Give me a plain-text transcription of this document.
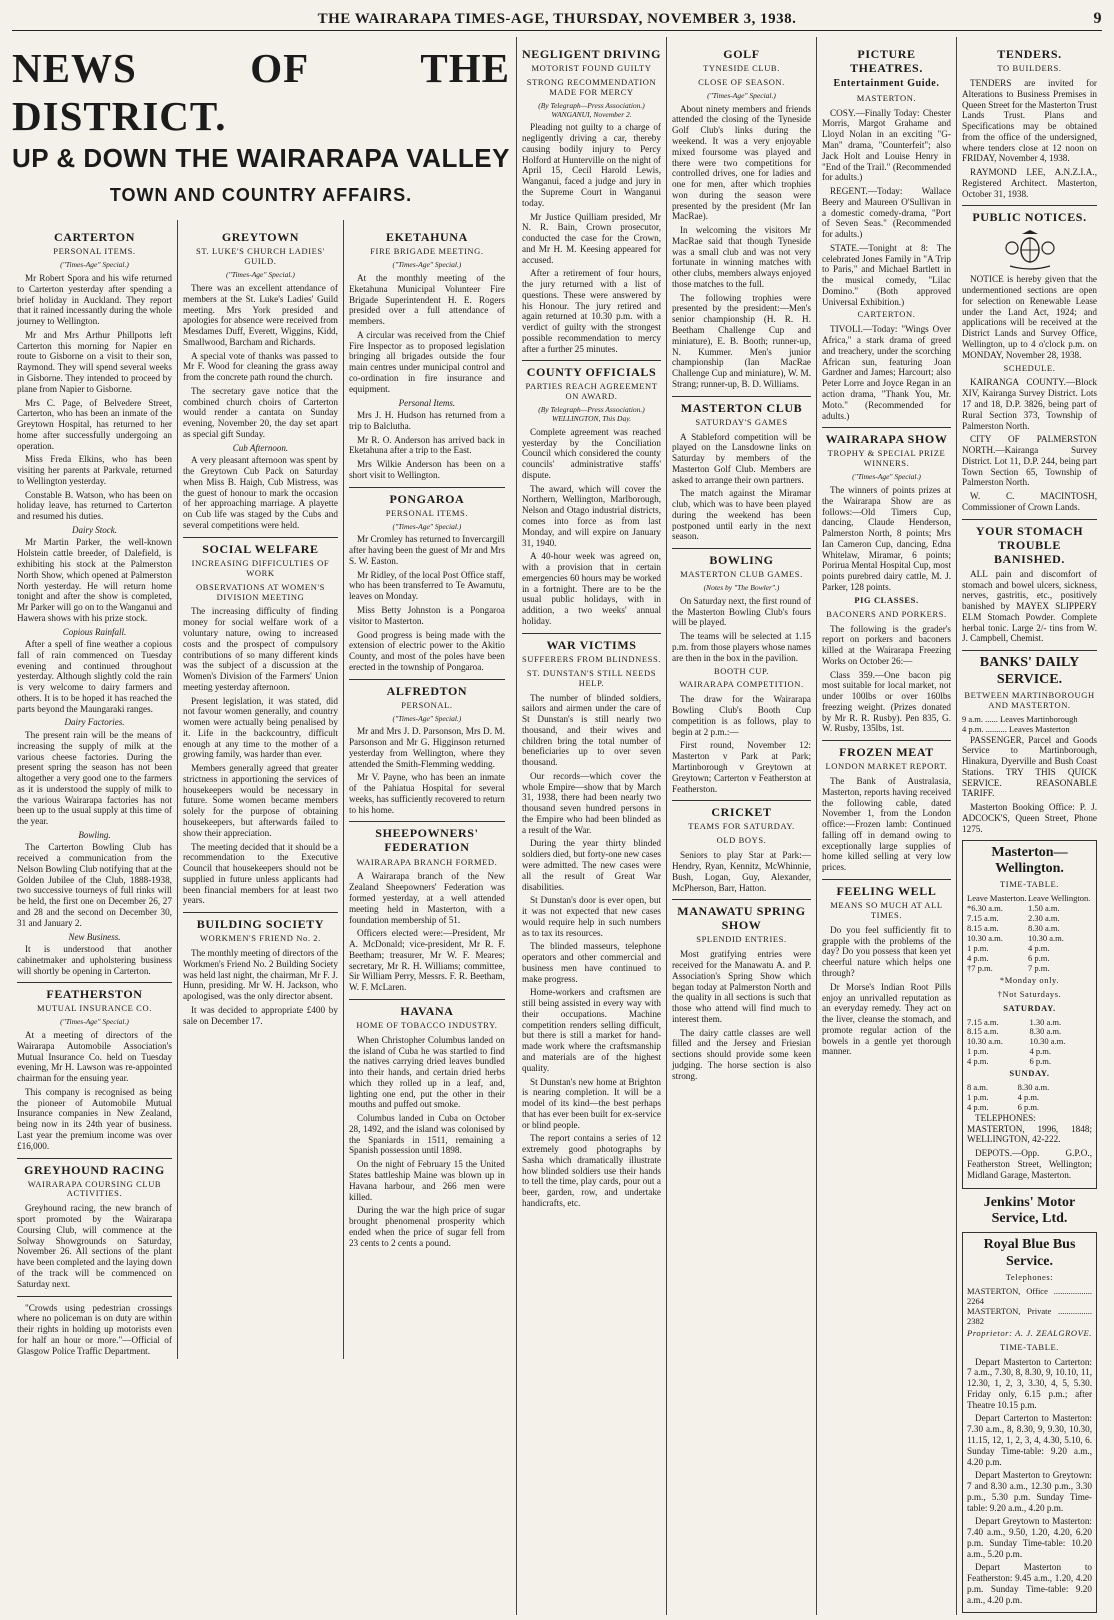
THE WAIRARAPA TIMES-AGE, THURSDAY, NOVEMBER 3, 1938.	9
NEWS OF THE DISTRICT.
UP & DOWN THE WAIRARAPA VALLEY
TOWN AND COUNTRY AFFAIRS.
CARTERTON
PERSONAL ITEMS.
("Times-Age" Special.)

Mr Robert Spora and his wife returned to Carterton yesterday after spending a brief holiday in Auckland. They report that it rained incessantly during the whole journey to Wellington.

Mr and Mrs Arthur Phillpotts left Carterton this morning for Napier en route to Gisborne on a visit to their son, Raymond. They will spend several weeks in Gisborne. They intended to proceed by plane from Napier to Gisborne.

Mrs C. Page, of Belvedere Street, Carterton, who has been an inmate of the Greytown Hospital, has returned to her home after successfully undergoing an operation.

Miss Freda Elkins, who has been visiting her parents at Parkvale, returned to Wellington yesterday.

Constable B. Watson, who has been on holiday leave, has returned to Carterton and resumed his duties.

Dairy Stock.

Mr Martin Parker, the well-known Holstein cattle breeder, of Dalefield, is exhibiting his stock at the Palmerston North Show, which opened at Palmerston North yesterday. He will return home tonight and after the show is completed, Mr Parker will go on to the Wanganui and Hawera shows with his prize stock.

Copious Rainfall.

After a spell of fine weather a copious fall of rain commenced on Tuesday evening and continued throughout yesterday. Although slightly cold the rain is very welcome to dairy farmers and others. It is to be hoped it has reached the parts beyond the Maungaraki ranges.

Dairy Factories.

The present rain will be the means of increasing the supply of milk at the various cheese factories. During the present spring the season has not been altogether a very good one to the farmers as it is understood the supply of milk to the various Wairarapa factories has not been up to the usual supply at this time of the year.

Bowling.

The Carterton Bowling Club has received a communication from the Nelson Bowling Club notifying that at the Golden Jubilee of the Club, 1888-1938, two successive tourneys of full rinks will be held, the first one on December 26, 27 and 28 and the second on December 30, 31 and January 2.

New Business.

It is understood that another cabinetmaker and upholstering business will shortly be opening in Carterton.

FEATHERSTON
MUTUAL INSURANCE CO.
("Times-Age" Special.)

At a meeting of directors of the Wairarapa Automobile Association's Mutual Insurance Co. held on Tuesday evening, Mr H. Lawson was re-appointed chairman for the ensuing year.

This company is recognised as being the pioneer of Automobile Mutual Insurance companies in New Zealand, being now in its 24th year of business. Last year the premium income was over £16,000.

GREYHOUND RACING
WAIRARAPA COURSING CLUB ACTIVITIES.

Greyhound racing, the new branch of sport promoted by the Wairarapa Coursing Club, will commence at the Solway Showgrounds on Saturday, November 26. All sections of the plant have been completed and the laying down of the track will be commenced on Saturday next.

"Crowds using pedestrian crossings where no policeman is on duty are within their rights in holding up motorists even for half an hour or more."—Official of Glasgow Police Traffic Department.

GREYTOWN
ST. LUKE'S CHURCH LADIES' GUILD.
("Times-Age" Special.)

There was an excellent attendance of members at the St. Luke's Ladies' Guild meeting. Mrs York presided and apologies for absence were received from Mesdames Duff, Everett, Wiggins, Kidd, Smallwood, Barcham and Richards.

A special vote of thanks was passed to Mr F. Wood for cleaning the grass away from the concrete path round the church.

The secretary gave notice that the combined church choirs of Carterton would render a cantata on Sunday evening, November 20, the day set apart as special gift Sunday.

Cub Afternoon.

A very pleasant afternoon was spent by the Greytown Cub Pack on Saturday when Miss B. Haigh, Cub Mistress, was the guest of honour to mark the occasion of her approaching marriage. A playette on Cub life was staged by the Cubs and several competitions were held.

SOCIAL WELFARE
INCREASING DIFFICULTIES OF WORK
OBSERVATIONS AT WOMEN'S DIVISION MEETING

The increasing difficulty of finding money for social welfare work of a voluntary nature, owing to increased costs and the prospect of compulsory contributions of so many different kinds was the subject of a discussion at the Women's Division of the Farmers' Union meeting yesterday afternoon.

Present legislation, it was stated, did not favour women generally, and country women were actually being penalised by it. Life in the backcountry, difficult enough at any time to the mother of a growing family, was harder than ever.

Members generally agreed that greater strictness in apportioning the services of housekeepers would be necessary in future. Some women became members solely for the purpose of obtaining housekeepers, but afterwards failed to show their appreciation.

The meeting decided that it should be a recommendation to the Executive Council that housekeepers should not be supplied in future unless applicants had been financial members for at least two years.

BUILDING SOCIETY
WORKMEN'S FRIEND No. 2.

The monthly meeting of directors of the Workmen's Friend No. 2 Building Society was held last night, the chairman, Mr F. J. Hunn, presiding. Mr W. H. Jackson, who apologised, was the only director absent.

It was decided to appropriate £400 by sale on December 17.

EKETAHUNA
FIRE BRIGADE MEETING.
("Times-Age" Special.)

At the monthly meeting of the Eketahuna Municipal Volunteer Fire Brigade Superintendent H. E. Rogers presided over a full attendance of members.

A circular was received from the Chief Fire Inspector as to proposed legislation bringing all brigades outside the four main centres under municipal control and co-ordination in fire insurance and equipment.

Personal Items.

Mrs J. H. Hudson has returned from a trip to Balclutha.

Mr R. O. Anderson has arrived back in Eketahuna after a trip to the East.

Mrs Wilkie Anderson has been on a short visit to Wellington.

PONGAROA
PERSONAL ITEMS.
("Times-Age" Special.)

Mr Cromley has returned to Invercargill after having been the guest of Mr and Mrs S. W. Easton.

Mr Ridley, of the local Post Office staff, who has been transferred to Te Awamutu, leaves on Monday.

Miss Betty Johnston is a Pongaroa visitor to Masterton.

Good progress is being made with the extension of electric power to the Akitio County, and most of the poles have been erected in the township of Pongaroa.

ALFREDTON
PERSONAL.
("Times-Age" Special.)

Mr and Mrs J. D. Parsonson, Mrs D. M. Parsonson and Mr G. Higginson returned yesterday from Wellington, where they attended the Smith-Flemming wedding.

Mr V. Payne, who has been an inmate of the Pahiatua Hospital for several weeks, has sufficiently recovered to return to his home.

SHEEPOWNERS' FEDERATION
WAIRARAPA BRANCH FORMED.

A Wairarapa branch of the New Zealand Sheepowners' Federation was formed yesterday, at a well attended meeting held in Masterton, with a foundation membership of 51.

Officers elected were:—President, Mr A. McDonald; vice-president, Mr R. F. Beetham; treasurer, Mr W. F. Meares; secretary, Mr R. H. Williams; committee, Sir William Perry, Messrs. F. R. Beetham, W. F. McLaren.

HAVANA
HOME OF TOBACCO INDUSTRY.

When Christopher Columbus landed on the island of Cuba he was startled to find the natives carrying dried leaves bundled into their hands, and certain dried herbs which they rolled up in a leaf, and, lighting one end, put the other in their mouths and puffed out smoke.

Columbus landed in Cuba on October 28, 1492, and the island was colonised by the Spaniards in 1511, remaining a Spanish possession until 1898.

On the night of February 15 the United States battleship Maine was blown up in Havana harbour, and 266 men were killed.

During the war the high price of sugar brought phenomenal prosperity which ended when the price of sugar fell from 23 cents to 2 cents a pound.

NEGLIGENT DRIVING
MOTORIST FOUND GUILTY
STRONG RECOMMENDATION MADE FOR MERCY
(By Telegraph—Press Association.) WANGANUI, November 2.

Pleading not guilty to a charge of negligently driving a car, thereby causing bodily injury to Percy Holford at Hunterville on the night of April 15, Cecil Harold Lewis, Wanganui, faced a judge and jury in the Supreme Court in Wanganui today.

Mr Justice Quilliam presided, Mr N. R. Bain, Crown prosecutor, conducted the case for the Crown, and Mr H. M. Keesing appeared for accused.

After a retirement of four hours, the jury returned with a list of questions. These were answered by his Honour. The jury retired and again returned at 10.30 p.m. with a verdict of guilty with the strongest possible recommendation to mercy after a further 25 minutes.

COUNTY OFFICIALS
PARTIES REACH AGREEMENT ON AWARD.
(By Telegraph—Press Association.) WELLINGTON, This Day.

Complete agreement was reached yesterday by the Conciliation Council which considered the county councils' administrative staffs' dispute.

The award, which will cover the Northern, Wellington, Marlborough, Nelson and Otago industrial districts, comes into force as from last Monday, and will expire on January 31, 1940.

A 40-hour week was agreed on, with a provision that in certain emergencies 60 hours may be worked in a fortnight. There are to be the usual public holidays, with in addition, a two weeks' annual holiday.

WAR VICTIMS
SUFFERERS FROM BLINDNESS.
ST. DUNSTAN'S STILL NEEDS HELP.

The number of blinded soldiers, sailors and airmen under the care of St Dunstan's is still nearly two thousand, and their wives and children bring the total number of beneficiaries up to over seven thousand.

Our records—which cover the whole Empire—show that by March 31, 1938, there had been nearly two thousand seven hundred persons in the Empire who had been blinded as a result of the War.

During the year thirty blinded soldiers died, but forty-one new cases were admitted. The new cases were all the result of Great War disabilities.

St Dunstan's door is ever open, but it was not expected that new cases would require help in such numbers as to tax its resources.

The blinded masseurs, telephone operators and other commercial and business men have continued to make progress.

Home-workers and craftsmen are still being assisted in every way with their occupations. Machine competition renders selling difficult, but there is still a market for hand-made work where the craftsmanship and materials are of the highest quality.

St Dunstan's new home at Brighton is nearing completion. It will be a model of its kind—the best perhaps that has ever been built for ex-service or blind people.

The report contains a series of 12 extremely good photographs by Sasha which dramatically illustrate how blinded soldiers use their hands to tell the time, play cards, pour out a beer, garden, row, and undertake handicrafts, etc.

GOLF
TYNESIDE CLUB.
CLOSE OF SEASON.
("Times-Age" Special.)

About ninety members and friends attended the closing of the Tyneside Golf Club's links during the weekend. It was a very enjoyable mixed foursome was played and there were two competitions for controlled drives, one for ladies and one for men, after which trophies won during the season were presented by the president (Mr Ian MacRae).

In welcoming the visitors Mr MacRae said that though Tyneside was a small club and was not very fortunate in winning matches with other clubs, members always enjoyed those matches to the full.

The following trophies were presented by the president:—Men's senior championship (H. R. H. Beetham Challenge Cup and miniature), E. B. Booth; runner-up, N. Kummer. Men's junior championship (Ian MacRae Challenge Cup and miniature), W. M. Strang; runner-up, B. D. Williams.

MASTERTON CLUB
SATURDAY'S GAMES

A Stableford competition will be played on the Lansdowne links on Saturday by members of the Masterton Golf Club. Members are asked to arrange their own partners.

The match against the Miramar club, which was to have been played during the weekend has been postponed until early in the next season.

BOWLING
MASTERTON CLUB GAMES.
(Notes by "The Bowler".)

On Saturday next, the first round of the Masterton Bowling Club's fours will be played.

The teams will be selected at 1.15 p.m. from those players whose names are then in the box in the pavilion.

BOOTH CUP.
WAIRARAPA COMPETITION.

The draw for the Wairarapa Bowling Club's Booth Cup competition is as follows, play to begin at 2 p.m.:—

First round, November 12: Masterton v Park at Park; Martinborough v Greytown at Greytown; Carterton v Featherston at Featherston.

CRICKET
TEAMS FOR SATURDAY.
OLD BOYS.

Seniors to play Star at Park:—Hendry, Ryan, Kennitz, McWhinnie, Bush, Logan, Guy, Alexander, McPherson, Barr, Hatton.

MANAWATU SPRING SHOW
SPLENDID ENTRIES.

Most gratifying entries were received for the Manawatu A. and P. Association's Spring Show which began today at Palmerston North and the quality in all sections is such that those who attend will find much to interest them.

The dairy cattle classes are well filled and the Jersey and Friesian sections should provide some keen judging. The horse section is also strong.

PICTURE THEATRES.
Entertainment Guide.
MASTERTON.

COSY.—Finally Today: Chester Morris, Margot Grahame and Lloyd Nolan in an exciting "G-Man" drama, "Counterfeit"; also Jack Holt and Louise Henry in "End of the Trail." (Recommended for adults.)

REGENT.—Today: Wallace Beery and Maureen O'Sullivan in a domestic comedy-drama, "Port of Seven Seas." (Recommended for adults.)

STATE.—Tonight at 8: The celebrated Jones Family in "A Trip to Paris," and Michael Bartlett in the musical comedy, "Lilac Domino." (Both approved Universal Exhibition.)

CARTERTON.

TIVOLI.—Today: "Wings Over Africa," a stark drama of greed and treachery, under the scorching African sun, featuring Joan Gardner and James; Harcourt; also Peter Lorre and Joyce Regan in an action drama, "Thank You, Mr. Moto." (Recommended for adults.)

WAIRARAPA SHOW
TROPHY & SPECIAL PRIZE WINNERS.
("Times-Age" Special.)

The winners of points prizes at the Wairarapa Show are as follows:—Old Timers Cup, dancing, Claude Henderson, Palmerston North, 8 points; Mrs Ian Cameron Cup, dancing, Edna Whitelaw, Miramar, 6 points; Porirua Mental Hospital Cup, most points purebred dairy cattle, M. J. Parker, 128 points.

PIG CLASSES.
BACONERS AND PORKERS.

The following is the grader's report on porkers and baconers killed at the Wairarapa Freezing Works on October 26:—

Class 359.—One bacon pig most suitable for local market, not under 100lbs or over 160lbs freezing weight. (Prizes donated by Mr R. R. Rusby). Pen 835, G. W. Rusby, 135lbs, 1st.

FROZEN MEAT
LONDON MARKET REPORT.

The Bank of Australasia, Masterton, reports having received the following cable, dated November 1, from the London office:—Frozen lamb: Continued falling off in demand owing to exceptionally large supplies of home killed selling at very low prices.

FEELING WELL
MEANS SO MUCH AT ALL TIMES.

Do you feel sufficiently fit to grapple with the problems of the day? Do you possess that keen yet cheerful nature which helps one through?

Dr Morse's Indian Root Pills enjoy an unrivalled reputation as an everyday remedy. They act on the liver, cleanse the stomach, and promote regular action of the bowels in a gentle yet thorough manner.

TENDERS.
TO BUILDERS.

TENDERS are invited for Alterations to Business Premises in Queen Street for the Masterton Trust Lands Trust. Plans and Specifications may be obtained from the office of the undersigned, where tenders close at 12 noon on FRIDAY, November 4, 1938.

RAYMOND LEE, A.N.Z.I.A., Registered Architect. Masterton, October 31, 1938.

PUBLIC NOTICES.

NOTICE is hereby given that the undermentioned sections are open for selection on Renewable Lease under the Land Act, 1924; and applications will be received at the District Lands and Survey Office, Wellington, up to 4 o'clock p.m. on MONDAY, November 28, 1938.

SCHEDULE.

KAIRANGA COUNTY.—Block XIV, Kairanga Survey District. Lots 17 and 18, D.P. 3826, being part of Rural Section 373, Township of Palmerston North.

CITY OF PALMERSTON NORTH.—Kairanga Survey District. Lot 11, D.P. 244, being part Town Section 65, Township of Palmerston North.

W. C. MACINTOSH, Commissioner of Crown Lands.

YOUR STOMACH TROUBLE BANISHED.

ALL pain and discomfort of stomach and bowel ulcers, sickness, nerves, gastritis, etc., positively banished by MAYEX SLIPPERY ELM Stomach Powder. Complete herbal tonic. Large 2/- tins from W. J. Campbell, Chemist.

BANKS' DAILY SERVICE.
BETWEEN MARTINBOROUGH AND MASTERTON.
9 a.m. ...... Leaves Martinborough
4 p.m. .......... Leaves Masterton

PASSENGER, Parcel and Goods Service to Martinborough, Hinakura, Dyerville and Bush Coast Stations. TRY THIS QUICK SERVICE. REASONABLE TARIFF.

Masterton Booking Office: P. J. ADCOCK'S, Queen Street, Phone 1275.

Masterton—Wellington.
TIME-TABLE.
Leave Masterton.	Leave Wellington.
*6.30 a.m.	1.50 a.m.
7.15 a.m.	2.30 a.m.
8.15 a.m.	8.30 a.m.
10.30 a.m.	10.30 a.m.
1 p.m.	4 p.m.
4 p.m.	6 p.m.
†7 p.m.	7 p.m.
*Monday only.
†Not Saturdays.
SATURDAY.
7.15 a.m.	1.30 a.m.
8.15 a.m.	8.30 a.m.
10.30 a.m.	10.30 a.m.
1 p.m.	4 p.m.
4 p.m.	6 p.m.
SUNDAY.
8 a.m.	8.30 a.m.
1 p.m.	4 p.m.
4 p.m.	6 p.m.

TELEPHONES: MASTERTON, 1996, 1848; WELLINGTON, 42-222.

DEPOTS.—Opp. G.P.O., Featherston Street, Wellington; Midland Garage, Masterton.

Jenkins' Motor Service, Ltd.
Royal Blue Bus Service.
Telephones:
MASTERTON, Office .................. 2264
MASTERTON, Private ................ 2382
Proprietor: A. J. ZEALGROVE.
TIME-TABLE.

Depart Masterton to Carterton: 7 a.m., 7.30, 8, 8.30, 9, 10.10, 11, 12.30, 1, 2, 3, 3.30, 4, 5, 5.30. Friday only, 6.15 p.m.; after Theatre 10.15 p.m.

Depart Carterton to Masterton: 7.30 a.m., 8, 8.30, 9, 9.30, 10.30, 11.15, 12, 1, 2, 3, 4, 4.30, 5.10, 6. Sunday Time-table: 9.20 a.m., 4.20 p.m.

Depart Masterton to Greytown: 7 and 8.30 a.m., 12.30 p.m., 3.30 p.m., 5.30 p.m. Sunday Time-table: 9.20 a.m., 4.20 p.m.

Depart Greytown to Masterton: 7.40 a.m., 9.50, 1.20, 4.20, 6.20 p.m. Sunday Time-table: 10.20 a.m., 5.20 p.m.

Depart Masterton to Featherston: 9.45 a.m., 1.20, 4.20 p.m. Sunday Time-table: 9.20 a.m., 4.20 p.m.
